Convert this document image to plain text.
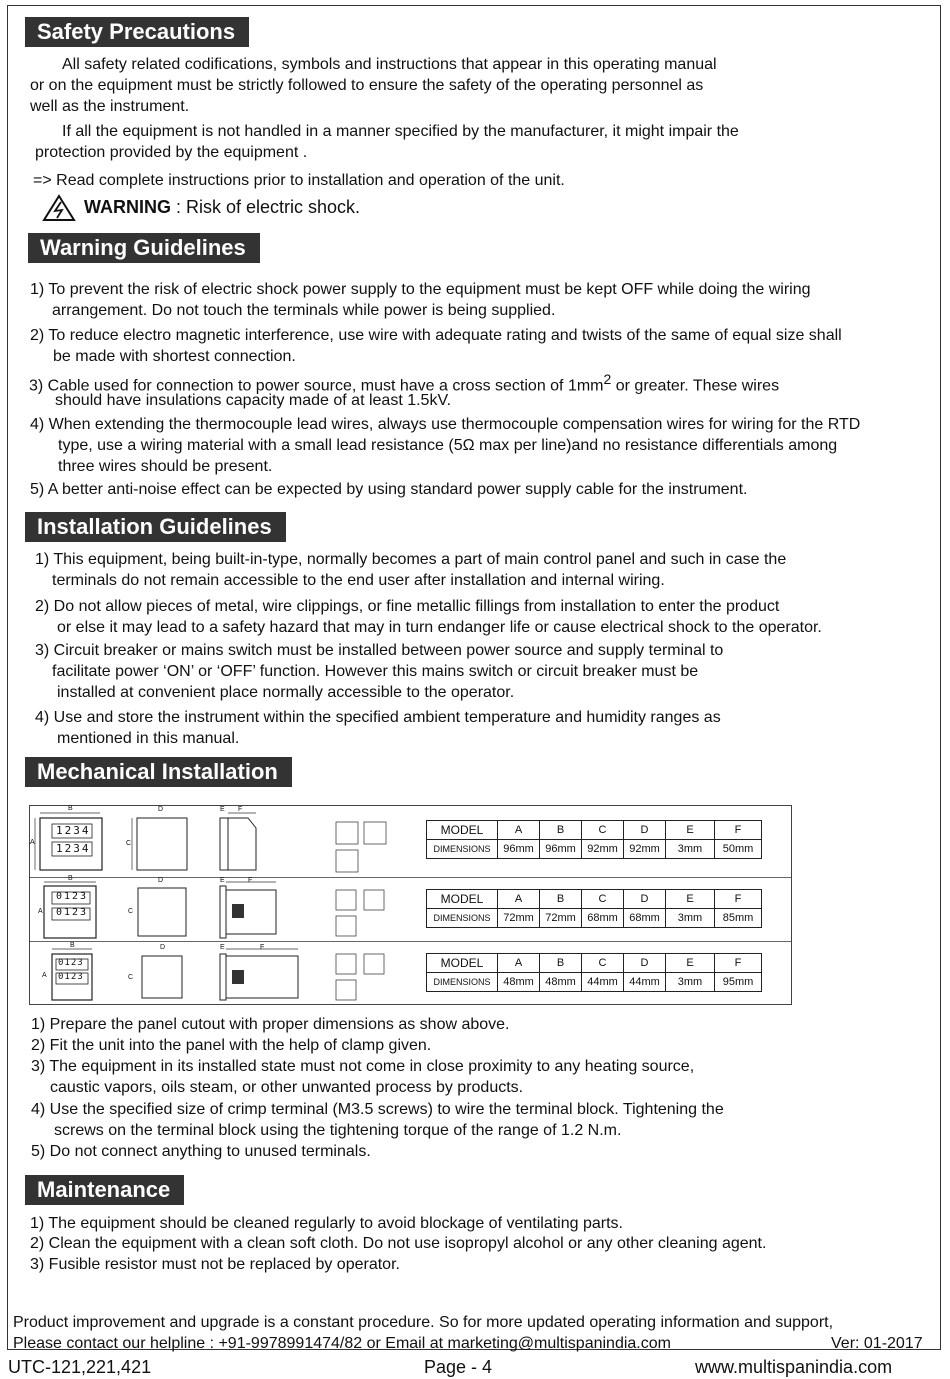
Safety Precautions
All safety related codifications, symbols and instructions that appear in this operating manual
or on the equipment must be strictly followed to ensure the safety of the operating personnel as
well as the instrument.
If all the equipment is not handled in a manner specified by the manufacturer, it might impair the
protection provided by the equipment .
=> Read complete instructions prior to installation and operation of the unit.
WARNING : Risk of electric shock.
Warning Guidelines
1) To prevent the risk of electric shock power supply to the equipment must be kept OFF while doing the wiring
arrangement. Do not touch the terminals while power is being supplied.
2) To reduce electro magnetic interference, use wire with adequate rating and twists of the same of equal size shall
be made with shortest connection.
3) Cable used for connection to power source, must have a cross section of $1mm^2$ or greater. These wires
should have insulations capacity made of at least 1.5kV.
4) When extending the thermocouple lead wires, always use thermocouple compensation wires for wiring for the RTD
type, use a wiring material with a small lead resistance (5Ω max per line)and no resistance differentials among
three wires should be present.
5) A better anti-noise effect can be expected by using standard power supply cable for the instrument.
Installation Guidelines
1) This equipment, being built-in-type, normally becomes a part of main control panel and such in case the
terminals do not remain accessible to the end user after installation and internal wiring.
2) Do not allow pieces of metal, wire clippings, or fine metallic fillings from installation to enter the product
or else it may lead to a safety hazard that may in turn endanger life or cause electrical shock to the operator.
3) Circuit breaker or mains switch must be installed between power source and supply terminal to
facilitate power ‘ON’ or ‘OFF’ function. However this mains switch or circuit breaker must be
installed at convenient place normally accessible to the operator.
4) Use and store the instrument within the specified ambient temperature and humidity ranges as
mentioned in this manual.
Mechanical Installation
1234
1234
B
A
D
C
E F
MODEL	A	B	C	D	E	F
DIMENSIONS	96mm	96mm	92mm	92mm	3mm	50mm
0123
0123
B
A
D
C
E	F
MODEL	A	B	C	D	E	F
DIMENSIONS	72mm	72mm	68mm	68mm	3mm	85mm
0123
0123
B
A
D
C
E	F
MODEL	A	B	C	D	E	F
DIMENSIONS	48mm	48mm	44mm	44mm	3mm	95mm
1) Prepare the panel cutout with proper dimensions as show above.
2) Fit the unit into the panel with the help of clamp given.
3) The equipment in its installed state must not come in close proximity to any heating source,
caustic vapors, oils steam, or other unwanted process by products.
4) Use the specified size of crimp terminal (M3.5 screws) to wire the terminal block. Tightening the
screws on the terminal block using the tightening torque of the range of 1.2 N.m.
5) Do not connect anything to unused terminals.
Maintenance
1) The equipment should be cleaned regularly to avoid blockage of ventilating parts.
2) Clean the equipment with a clean soft cloth. Do not use isopropyl alcohol or any other cleaning agent.
3) Fusible resistor must not be replaced by operator.
Product improvement and upgrade is a constant procedure. So for more updated operating information and support,
Please contact our helpline : +91-9978991474/82 or Email at marketing@multispanindia.com	Ver: 01-2017
UTC-121,221,421	Page - 4	www.multispanindia.com
